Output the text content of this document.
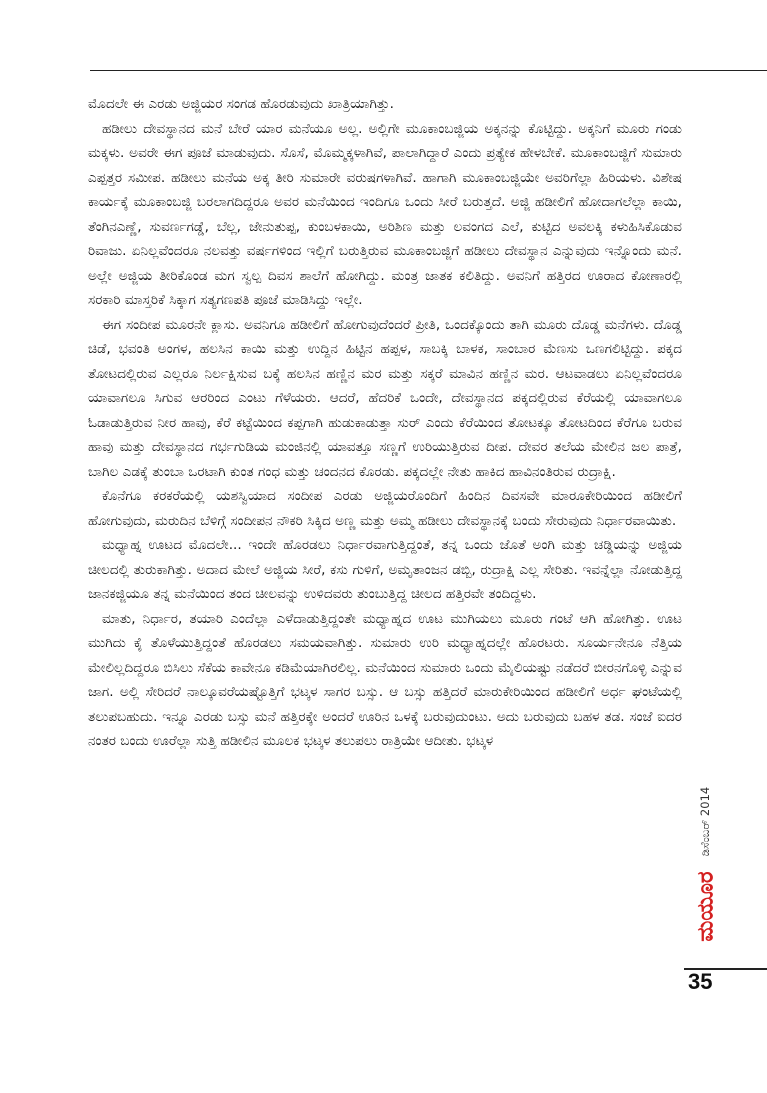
ಮೊದಲೇ ಈ ಎರಡು ಅಜ್ಜಿಯರ ಸಂಗಡ ಹೊರಡುವುದು ಖಾತ್ರಿಯಾಗಿತ್ತು.

ಹಡೀಲು ದೇವಸ್ಥಾನದ ಮನೆ ಬೇರೆ ಯಾರ ಮನೆಯೂ ಅಲ್ಲ. ಅಲ್ಲಿಗೇ ಮೂಕಾಂಬಜ್ಜಿಯ ಅಕ್ಕನನ್ನು ಕೊಟ್ಟಿದ್ದು. ಅಕ್ಕನಿಗೆ ಮೂರು ಗಂಡು ಮಕ್ಕಳು. ಅವರೇ ಈಗ ಪೂಜೆ ಮಾಡುವುದು. ಸೊಸೆ, ಮೊಮ್ಮಕ್ಕಳಾಗಿವೆ, ಪಾಲಾಗಿದ್ದಾರೆ ಎಂದು ಪ್ರತ್ಯೇಕ ಹೇಳಬೇಕೆ. ಮೂಕಾಂಬಜ್ಜಿಗೆ ಸುಮಾರು ಎಪ್ಪತ್ತರ ಸಮೀಪ. ಹಡೀಲು ಮನೆಯ ಅಕ್ಕ ತೀರಿ ಸುಮಾರೇ ವರುಷಗಳಾಗಿವೆ. ಹಾಗಾಗಿ ಮೂಕಾಂಬಜ್ಜಿಯೇ ಅವರಿಗೆಲ್ಲಾ ಹಿರಿಯಳು. ವಿಶೇಷ ಕಾರ್ಯಕ್ಕೆ ಮೂಕಾಂಬಜ್ಜಿ ಬರಲಾಗದಿದ್ದರೂ ಅವರ ಮನೆಯಿಂದ ಇಂದಿಗೂ ಒಂದು ಸೀರೆ ಬರುತ್ತದೆ. ಅಜ್ಜಿ ಹಡೀಲಿಗೆ ಹೋದಾಗಲೆಲ್ಲಾ ಕಾಯಿ, ತೆಂಗಿನಎಣ್ಣೆ, ಸುವರ್ಣಗಡ್ಡೆ, ಬೆಲ್ಲ, ಜೇನುತುಪ್ಪ, ಕುಂಬಳಕಾಯಿ, ಅರಿಶಿಣ ಮತ್ತು ಲವಂಗದ ಎಲೆ, ಕುಟ್ಟಿದ ಅವಲಕ್ಕಿ ಕಳುಹಿಸಿಕೊಡುವ ರಿವಾಜು. ಏನಿಲ್ಲವೆಂದರೂ ನಲವತ್ತು ವರ್ಷಗಳಿಂದ ಇಲ್ಲಿಗೆ ಬರುತ್ತಿರುವ ಮೂಕಾಂಬಜ್ಜಿಗೆ ಹಡೀಲು ದೇವಸ್ಥಾನ ಎನ್ನುವುದು ಇನ್ನೊಂದು ಮನೆ. ಅಲ್ಲೇ ಅಜ್ಜಿಯ ತೀರಿಕೊಂಡ ಮಗ ಸ್ವಲ್ಪ ದಿವಸ ಶಾಲೆಗೆ ಹೋಗಿದ್ದು. ಮಂತ್ರ ಜಾತಕ ಕಲಿತಿದ್ದು. ಅವನಿಗೆ ಹತ್ತಿರದ ಊರಾದ ಕೋಣಾರಲ್ಲಿ ಸರಕಾರಿ ಮಾಸ್ತರಿಕೆ ಸಿಕ್ಕಾಗ ಸತ್ಯಗಣಪತಿ ಪೂಜೆ ಮಾಡಿಸಿದ್ದು ಇಲ್ಲೇ.

ಈಗ ಸಂದೀಪ ಮೂರನೇ ಕ್ಲಾಸು. ಅವನಿಗೂ ಹಡೀಲಿಗೆ ಹೋಗುವುದೆಂದರೆ ಪ್ರೀತಿ, ಒಂದಕ್ಕೊಂದು ತಾಗಿ ಮೂರು ದೊಡ್ಡ ಮನೆಗಳು. ದೊಡ್ಡ ಚಿಡೆ, ಭವಂತಿ ಅಂಗಳ, ಹಲಸಿನ ಕಾಯಿ ಮತ್ತು ಉದ್ದಿನ ಹಿಟ್ಟಿನ ಹಪ್ಪಳ, ಸಾಬಕ್ಕಿ ಬಾಳಕ, ಸಾಂಬಾರ ಮೆಣಸು ಒಣಗಲಿಟ್ಟಿದ್ದು. ಪಕ್ಕದ ತೋಟದಲ್ಲಿರುವ ಎಲ್ಲರೂ ನಿರ್ಲಕ್ಷಿಸುವ ಬಕ್ಕೆ ಹಲಸಿನ ಹಣ್ಣಿನ ಮರ ಮತ್ತು ಸಕ್ಕರೆ ಮಾವಿನ ಹಣ್ಣಿನ ಮರ. ಆಟವಾಡಲು ಏನಿಲ್ಲವೆಂದರೂ ಯಾವಾಗಲೂ ಸಿಗುವ ಆರರಿಂದ ಎಂಟು ಗೆಳೆಯರು. ಆದರೆ, ಹೆದರಿಕೆ ಒಂದೇ, ದೇವಸ್ಥಾನದ ಪಕ್ಕದಲ್ಲಿರುವ ಕೆರೆಯಲ್ಲಿ ಯಾವಾಗಲೂ ಓಡಾಡುತ್ತಿರುವ ನೀರ ಹಾವು, ಕೆರೆ ಕಟ್ಟೆಯಿಂದ ಕಪ್ಪಗಾಗಿ ಹುಡುಕಾಡುತ್ತಾ ಸುರ್ ಎಂದು ಕೆರೆಯಿಂದ ತೋಟಕ್ಕೂ ತೋಟದಿಂದ ಕೆರೆಗೂ ಬರುವ ಹಾವು ಮತ್ತು ದೇವಸ್ಥಾನದ ಗರ್ಭಗುಡಿಯ ಮಂಜಿನಲ್ಲಿ ಯಾವತ್ತೂ ಸಣ್ಣಗೆ ಉರಿಯುತ್ತಿರುವ ದೀಪ. ದೇವರ ತಲೆಯ ಮೇಲಿನ ಜಲ ಪಾತ್ರೆ, ಬಾಗಿಲ ಎಡಕ್ಕೆ ತುಂಬಾ ಒರಟಾಗಿ ಕುಂತ ಗಂಧ ಮತ್ತು ಚಂದನದ ಕೊರಡು. ಪಕ್ಕದಲ್ಲೇ ನೇತು ಹಾಕಿದ ಹಾವಿನಂತಿರುವ ರುದ್ರಾಕ್ಷಿ.

ಕೊನೆಗೂ ಕರಕರೆಯಲ್ಲಿ ಯಶಸ್ವಿಯಾದ ಸಂದೀಪ ಎರಡು ಅಜ್ಜಿಯರೊಂದಿಗೆ ಹಿಂದಿನ ದಿವಸವೇ ಮಾರೂಕೇರಿಯಿಂದ ಹಡೀಲಿಗೆ ಹೋಗುವುದು, ಮರುದಿನ ಬೆಳಿಗ್ಗೆ ಸಂದೀಪನ ನೌಕರಿ ಸಿಕ್ಕಿದ ಅಣ್ಣ ಮತ್ತು ಅಮ್ಮ ಹಡೀಲು ದೇವಸ್ಥಾನಕ್ಕೆ ಬಂದು ಸೇರುವುದು ನಿರ್ಧಾರವಾಯಿತು.

ಮಧ್ಯಾಹ್ನ ಊಟದ ಮೊದಲೇ... ಇಂದೇ ಹೊರಡಲು ನಿರ್ಧಾರವಾಗುತ್ತಿದ್ದಂತೆ, ತನ್ನ ಒಂದು ಜೊತೆ ಅಂಗಿ ಮತ್ತು ಚಡ್ಡಿಯನ್ನು ಅಜ್ಜಿಯ ಚೀಲದಲ್ಲಿ ತುರುಕಾಗಿತ್ತು. ಅದಾದ ಮೇಲೆ ಅಜ್ಜಿಯ ಸೀರೆ, ಕಸು ಗುಳಿಗೆ, ಅಮೃತಾಂಜನ ಡಬ್ಬಿ, ರುದ್ರಾಕ್ಷಿ ಎಲ್ಲ ಸೇರಿತು. ಇವನ್ನೆಲ್ಲಾ ನೋಡುತ್ತಿದ್ದ ಜಾನಕಜ್ಜಿಯೂ ತನ್ನ ಮನೆಯಿಂದ ತಂದ ಚೀಲವನ್ನು ಉಳಿದವರು ತುಂಬುತ್ತಿದ್ದ ಚೀಲದ ಹತ್ತಿರವೇ ತಂದಿದ್ದಳು.

ಮಾತು, ನಿರ್ಧಾರ, ತಯಾರಿ ಎಂದೆಲ್ಲಾ ಎಳೆದಾಡುತ್ತಿದ್ದಂತೇ ಮಧ್ಯಾಹ್ನದ ಊಟ ಮುಗಿಯಲು ಮೂರು ಗಂಟೆ ಆಗಿ ಹೋಗಿತ್ತು. ಊಟ ಮುಗಿದು ಕೈ ತೊಳೆಯುತ್ತಿದ್ದಂತೆ ಹೊರಡಲು ಸಮಯವಾಗಿತ್ತು. ಸುಮಾರು ಉರಿ ಮಧ್ಯಾಹ್ನದಲ್ಲೇ ಹೊರಟರು. ಸೂರ್ಯನೇನೂ ನೆತ್ತಿಯ ಮೇಲಿಲ್ಲದಿದ್ದರೂ ಬಿಸಿಲು ಸೆಕೆಯ ಕಾವೇನೂ ಕಡಿಮೆಯಾಗಿರಲಿಲ್ಲ. ಮನೆಯಿಂದ ಸುಮಾರು ಒಂದು ಮೈಲಿಯಷ್ಟು ನಡೆದರೆ ಬೀರನಗೊಳ್ಳಿ ಎನ್ನುವ ಜಾಗ. ಅಲ್ಲಿ ಸೇರಿದರೆ ನಾಲ್ಕೂವರೆಯಷ್ಟೊತ್ತಿಗೆ ಭಟ್ಕಳ ಸಾಗರ ಬಸ್ಸು. ಆ ಬಸ್ಸು ಹತ್ತಿದರೆ ಮಾರುಕೇರಿಯಿಂದ ಹಡೀಲಿಗೆ ಅರ್ಧ ಘಂಟೆಯಲ್ಲಿ ತಲುಪಬಹುದು. ಇನ್ನೂ ಎರಡು ಬಸ್ಸು ಮನೆ ಹತ್ತಿರಕ್ಕೇ ಅಂದರೆ ಊರಿನ ಒಳಕ್ಕೆ ಬರುವುದುಂಟು. ಅದು ಬರುವುದು ಬಹಳ ತಡ. ಸಂಜೆ ಐದರ ನಂತರ ಬಂದು ಊರೆಲ್ಲಾ ಸುತ್ತಿ ಹಡೀಲಿನ ಮೂಲಕ ಭಟ್ಕಳ ತಲುಪಲು ರಾತ್ರಿಯೇ ಆದೀತು. ಭಟ್ಕಳ

ಡಿಸೆಂಬರ್ 2014
ಮಯೂರ
35
